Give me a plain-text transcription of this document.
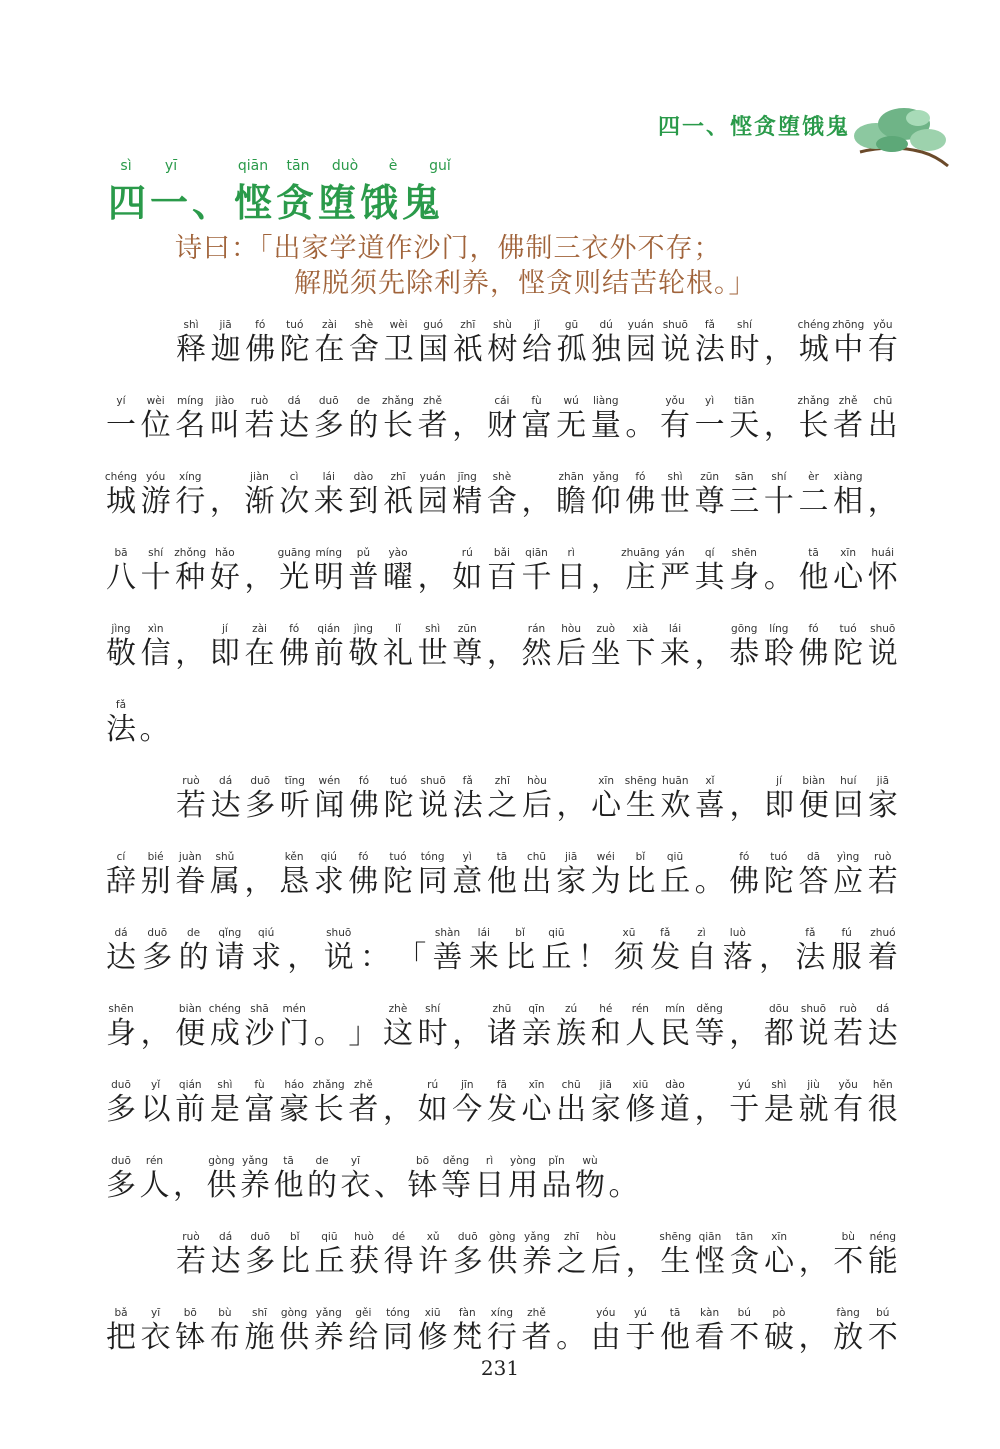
四一、悭贪堕饿鬼
sì	yī	qiān	tān	duò	è	guǐ
四一、悭贪堕饿鬼
诗曰：「出家学道作沙门，佛制三衣外不存；
解脱须先除利养，悭贪则结苦轮根。」
shì
释
jiā
迦
fó
佛
tuó
陀
zài
在
shè
舍
wèi
卫
guó
国
zhī
祇
shù
树
jǐ
给
gū
孤
dú
独
yuán
园
shuō
说
fǎ
法
shí
时 ，
chéng
城
zhōng
中
yǒu
有
yí
一
wèi
位
míng
名
jiào
叫
ruò
若
dá
达
duō
多
de
的
zhǎng
长
zhě
者 ，
cái
财
fù
富
wú
无
liàng
量 。
yǒu
有
yì
一
tiān
天 ，
zhǎng
长
zhě
者
chū
出
chéng
城
yóu
游
xíng
行 ，
jiàn
渐
cì
次
lái
来
dào
到
zhī
祇
yuán
园
jīng
精
shè
舍 ，
zhān
瞻
yǎng
仰
fó
佛
shì
世
zūn
尊
sān
三
shí
十
èr
二
xiàng
相 ，
bā
八
shí
十
zhǒng
种
hǎo
好 ，
guāng
光
míng
明
pǔ
普
yào
曜 ，
rú
如
bǎi
百
qiān
千
rì
日 ，
zhuāng
庄
yán
严
qí
其
shēn
身 。
tā
他
xīn
心
huái
怀
jìng
敬
xìn
信 ，
jí
即
zài
在
fó
佛
qián
前
jìng
敬
lǐ
礼
shì
世
zūn
尊 ，
rán
然
hòu
后
zuò
坐
xià
下
lái
来 ，
gōng
恭
líng
聆
fó
佛
tuó
陀
shuō
说
fǎ
法 。
ruò
若
dá
达
duō
多
tīng
听
wén
闻
fó
佛
tuó
陀
shuō
说
fǎ
法
zhī
之
hòu
后 ，
xīn
心
shēng
生
huān
欢
xǐ
喜 ，
jí
即
biàn
便
huí
回
jiā
家
cí
辞
bié
别
juàn
眷
shǔ
属 ，
kěn
恳
qiú
求
fó
佛
tuó
陀
tóng
同
yì
意
tā
他
chū
出
jiā
家
wéi
为
bǐ
比
qiū
丘 。
fó
佛
tuó
陀
dā
答
yìng
应
ruò
若
dá
达
duō
多
de
的
qǐng
请
qiú
求 ，
shuō
说 ： 「
shàn
善
lái
来
bǐ
比
qiū
丘 ！
xū
须
fǎ
发
zì
自
luò
落 ，
fǎ
法
fú
服
zhuó
着
shēn
身 ，
biàn
便
chéng
成
shā
沙
mén
门 。 」
zhè
这
shí
时 ，
zhū
诸
qīn
亲
zú
族
hé
和
rén
人
mín
民
děng
等 ，
dōu
都
shuō
说
ruò
若
dá
达
duō
多
yǐ
以
qián
前
shì
是
fù
富
háo
豪
zhǎng
长
zhě
者 ，
rú
如
jīn
今
fā
发
xīn
心
chū
出
jiā
家
xiū
修
dào
道 ，
yú
于
shì
是
jiù
就
yǒu
有
hěn
很
duō
多
rén
人 ，
gòng
供
yǎng
养
tā
他
de
的
yī
衣 、
bō
钵
děng
等
rì
日
yòng
用
pǐn
品
wù
物 。
ruò
若
dá
达
duō
多
bǐ
比
qiū
丘
huò
获
dé
得
xǔ
许
duō
多
gòng
供
yǎng
养
zhī
之
hòu
后 ，
shēng
生
qiān
悭
tān
贪
xīn
心 ，
bù
不
néng
能
bǎ
把
yī
衣
bō
钵
bù
布
shī
施
gòng
供
yǎng
养
gěi
给
tóng
同
xiū
修
fàn
梵
xíng
行
zhě
者 。
yóu
由
yú
于
tā
他
kàn
看
bú
不
pò
破 ，
fàng
放
bú
不
231
